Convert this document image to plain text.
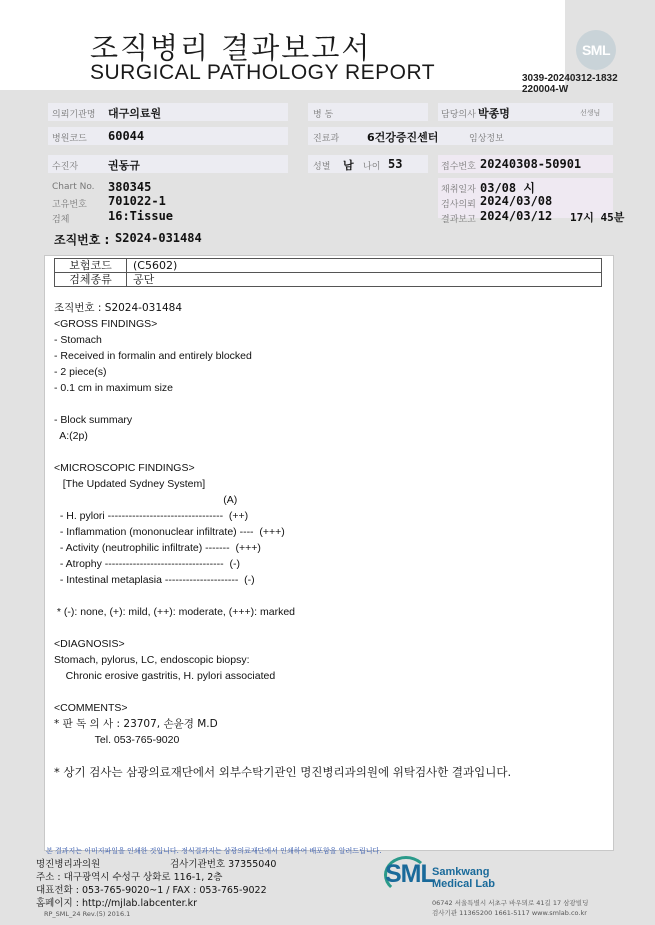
조직병리 결과보고서
SURGICAL PATHOLOGY REPORT
SML
3039-20240312-1832
220004-W
의뢰기관명 대구의료원	병 동	담당의사 박종명	선생님
병원코드 60044	진료과	6건강증진센터	임상정보
수진자	권동규	성별 남 나이 53	접수번호 20240308-50901
Chart No. 380345
고유번호 701022-1
검체	16:Tissue
채취일자 03/08 시
검사의뢰 2024/03/08
결과보고 2024/03/12 17시 45분
조직번호 : S2024-031484
보험코드	(C5602)
검체종류	공단
조직번호 : S2024-031484
<GROSS FINDINGS>
- Stomach
- Received in formalin and entirely blocked
- 2 piece(s)
- 0.1 cm in maximum size
- Block summary
A:(2p)
<MICROSCOPIC FINDINGS>
[The Updated Sydney System]
(A)
- H. pylori ---------------------------------  (++)
- Inflammation (mononuclear infiltrate) ----  (+++)
- Activity (neutrophilic infiltrate) -------  (+++)
- Atrophy ----------------------------------  (-)
- Intestinal metaplasia ---------------------  (-)
* (-): none, (+): mild, (++): moderate, (+++): marked
<DIAGNOSIS>
Stomach, pylorus, LC, endoscopic biopsy:
Chronic erosive gastritis, H. pylori associated
<COMMENTS>
* 판 독 의 사 : 23707, 손윤경 M.D
Tel. 053-765-9020
* 상기 검사는 삼광의료재단에서 외부수탁기관인 명진병리과의원에 위탁검사한 결과입니다.
본 결과지는 이미지파일을 인쇄한 것입니다. 정식결과지는 삼광의료재단에서 인쇄하여 배포함을 알려드립니다.
명진병리과의원	검사기관번호 37355040
주소 : 대구광역시 수성구 상화로 116-1, 2층
대표전화 : 053-765-9020~1 / FAX : 053-765-9022
홈페이지 : http://mjlab.labcenter.kr
RP_SML_24 Rev.(5) 2016.1
SML
Samkwang
Medical Lab
06742 서울특별시 서초구 바우뫼로 41길 17 삼광빌딩
검사기관 11365200 1661-5117 www.smlab.co.kr
